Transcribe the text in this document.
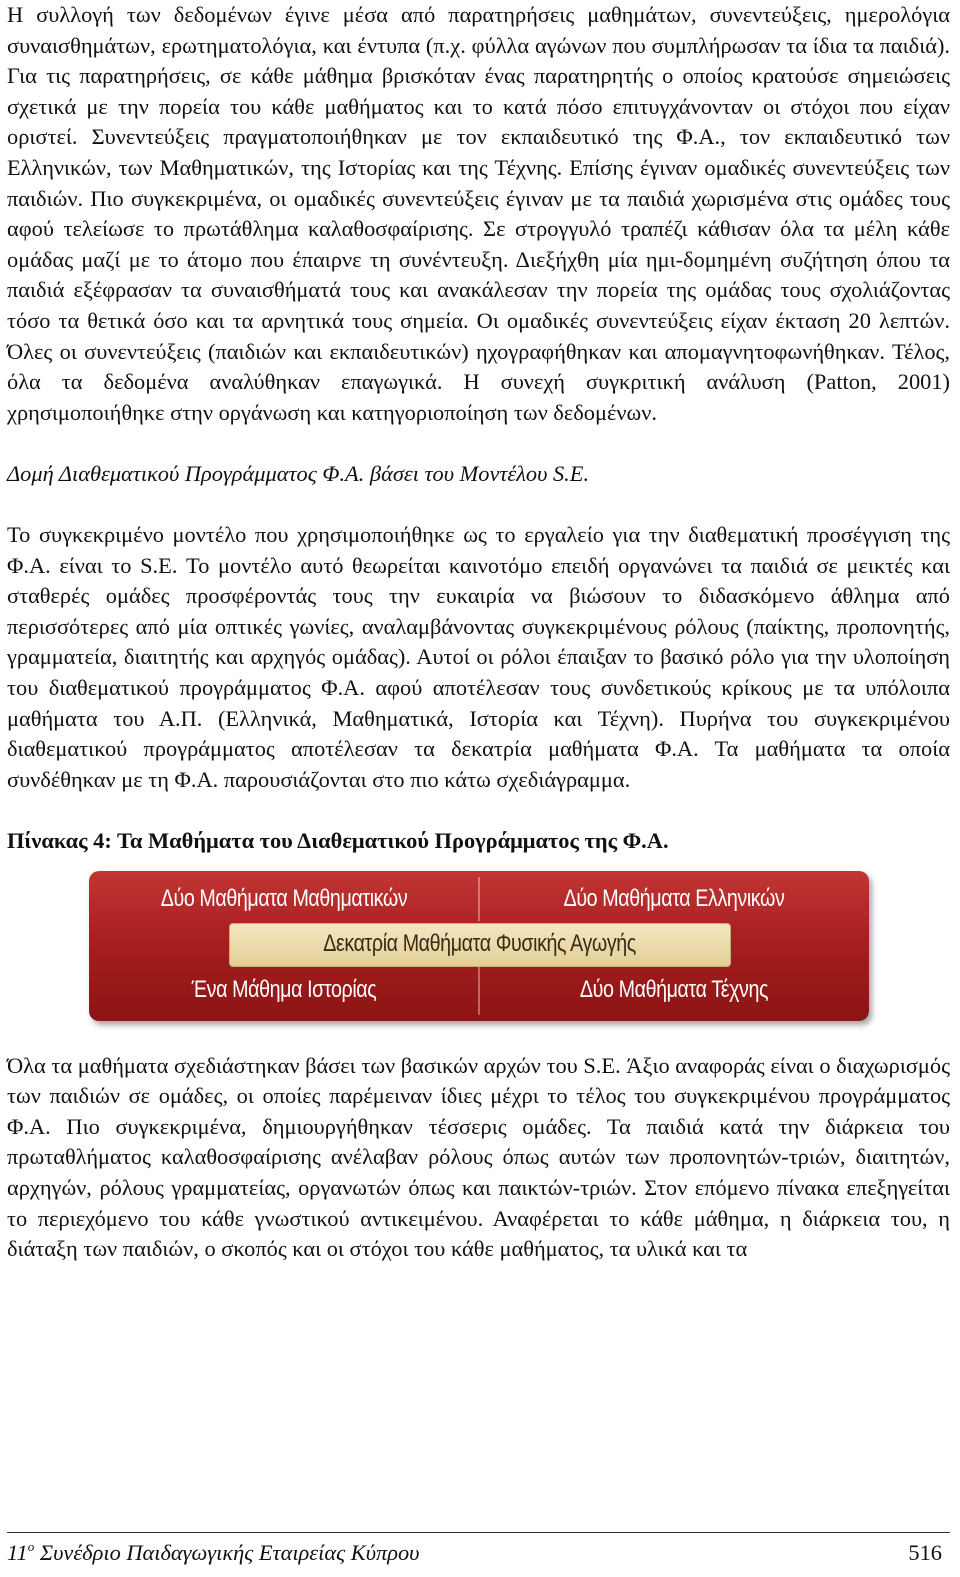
Η συλλογή των δεδομένων έγινε μέσα από παρατηρήσεις μαθημάτων, συνεντεύξεις, ημερολόγια συναισθημάτων, ερωτηματολόγια, και έντυπα (π.χ. φύλλα αγώνων που συμπλήρωσαν τα ίδια τα παιδιά). Για τις παρατηρήσεις, σε κάθε μάθημα βρισκόταν ένας παρατηρητής ο οποίος κρατούσε σημειώσεις σχετικά με την πορεία του κάθε μαθήματος και το κατά πόσο επιτυγχάνονταν οι στόχοι που είχαν οριστεί. Συνεντεύξεις πραγματοποιήθηκαν με τον εκπαιδευτικό της Φ.Α., τον εκπαιδευτικό των Ελληνικών, των Μαθηματικών, της Ιστορίας και της Τέχνης. Επίσης έγιναν ομαδικές συνεντεύξεις των παιδιών. Πιο συγκεκριμένα, οι ομαδικές συνεντεύξεις έγιναν με τα παιδιά χωρισμένα στις ομάδες τους αφού τελείωσε το πρωτάθλημα καλαθοσφαίρισης. Σε στρογγυλό τραπέζι κάθισαν όλα τα μέλη κάθε ομάδας μαζί με το άτομο που έπαιρνε τη συνέντευξη. Διεξήχθη μία ημι-δομημένη συζήτηση όπου τα παιδιά εξέφρασαν τα συναισθήματά τους και ανακάλεσαν την πορεία της ομάδας τους σχολιάζοντας τόσο τα θετικά όσο και τα αρνητικά τους σημεία. Οι ομαδικές συνεντεύξεις είχαν έκταση 20 λεπτών. Όλες οι συνεντεύξεις (παιδιών και εκπαιδευτικών) ηχογραφήθηκαν και απομαγνητοφωνήθηκαν. Τέλος, όλα τα δεδομένα αναλύθηκαν επαγωγικά. Η συνεχή συγκριτική ανάλυση (Patton, 2001) χρησιμοποιήθηκε στην οργάνωση και κατηγοριοποίηση των δεδομένων.

Δομή Διαθεματικού Προγράμματος Φ.Α. βάσει του Μοντέλου S.E.

Το συγκεκριμένο μοντέλο που χρησιμοποιήθηκε ως το εργαλείο για την διαθεματική προσέγγιση της Φ.Α. είναι το S.E. Το μοντέλο αυτό θεωρείται καινοτόμο επειδή οργανώνει τα παιδιά σε μεικτές και σταθερές ομάδες προσφέροντάς τους την ευκαιρία να βιώσουν το διδασκόμενο άθλημα από περισσότερες από μία οπτικές γωνίες, αναλαμβάνοντας συγκεκριμένους ρόλους (παίκτης, προπονητής, γραμματεία, διαιτητής και αρχηγός ομάδας). Αυτοί οι ρόλοι έπαιξαν το βασικό ρόλο για την υλοποίηση του διαθεματικού προγράμματος Φ.Α. αφού αποτέλεσαν τους συνδετικούς κρίκους με τα υπόλοιπα μαθήματα του Α.Π. (Ελληνικά, Μαθηματικά, Ιστορία και Τέχνη). Πυρήνα του συγκεκριμένου διαθεματικού προγράμματος αποτέλεσαν τα δεκατρία μαθήματα Φ.Α. Τα μαθήματα τα οποία συνδέθηκαν με τη Φ.Α. παρουσιάζονται στο πιο κάτω σχεδιάγραμμα.

Πίνακας 4: Τα Μαθήματα του Διαθεματικού Προγράμματος της Φ.Α.

Δύο Μαθήματα Μαθηματικών	Δύο Μαθήματα Ελληνικών
Δεκατρία Μαθήματα Φυσικής Αγωγής
Ένα Μάθημα Ιστορίας	Δύο Μαθήματα Τέχνης

Όλα τα μαθήματα σχεδιάστηκαν βάσει των βασικών αρχών του S.E. Άξιο αναφοράς είναι ο διαχωρισμός των παιδιών σε ομάδες, οι οποίες παρέμειναν ίδιες μέχρι το τέλος του συγκεκριμένου προγράμματος Φ.Α. Πιο συγκεκριμένα, δημιουργήθηκαν τέσσερις ομάδες. Τα παιδιά κατά την διάρκεια του πρωταθλήματος καλαθοσφαίρισης ανέλαβαν ρόλους όπως αυτών των προπονητών-τριών, διαιτητών, αρχηγών, ρόλους γραμματείας, οργανωτών όπως και παικτών-τριών. Στον επόμενο πίνακα επεξηγείται το περιεχόμενο του κάθε γνωστικού αντικειμένου. Αναφέρεται το κάθε μάθημα, η διάρκεια του, η διάταξη των παιδιών, ο σκοπός και οι στόχοι του κάθε μαθήματος, τα υλικά και τα

$11^o$ Συνέδριο Παιδαγωγικής Εταιρείας Κύπρου	516
